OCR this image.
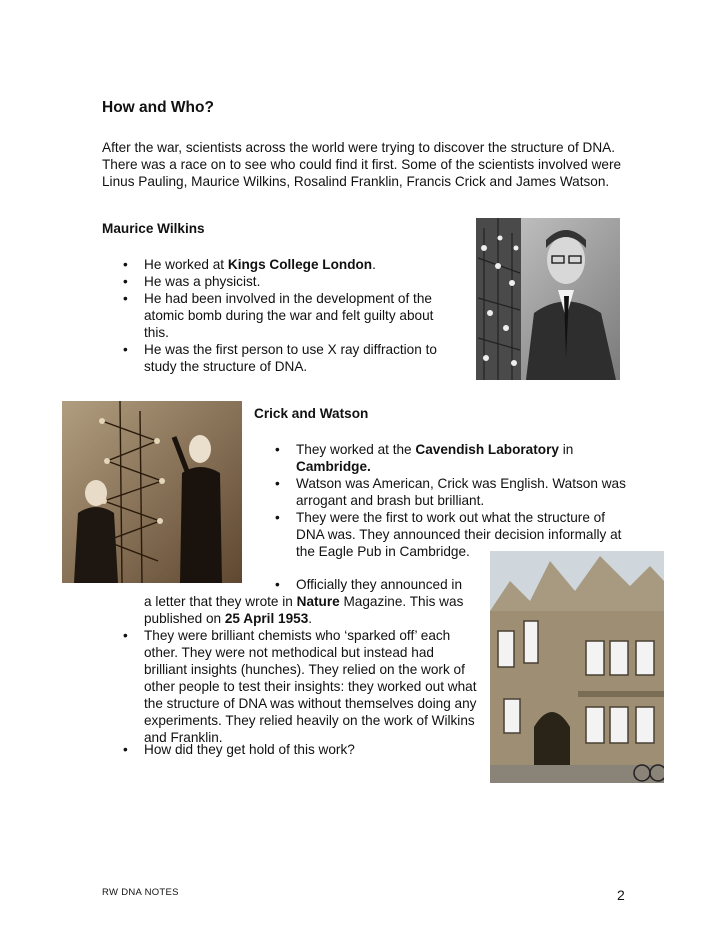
How and Who?

After the war, scientists across the world were trying to discover the structure of DNA. There was a race on to see who could find it first. Some of the scientists involved were Linus Pauling, Maurice Wilkins, Rosalind Franklin, Francis Crick and James Watson.

Maurice Wilkins

• He worked at Kings College London.
• He was a physicist.
• He had been involved in the development of the atomic bomb during the war and felt guilty about this.
• He was the first person to use X ray diffraction to study the structure of DNA.

Crick and Watson

• They worked at the Cavendish Laboratory in Cambridge.
• Watson was American, Crick was English. Watson was arrogant and brash but brilliant.
• They were the first to work out what the structure of DNA was. They announced their decision informally at the Eagle Pub in Cambridge.
• Officially they announced in
a letter that they wrote in Nature Magazine. This was published on 25 April 1953.
• They were brilliant chemists who ‘sparked off’ each other. They were not methodical but instead had brilliant insights (hunches). They relied on the work of other people to test their insights: they worked out what the structure of DNA was without themselves doing any experiments. They relied heavily on the work of Wilkins and Franklin.
• How did they get hold of this work?
RW DNA NOTES	2
